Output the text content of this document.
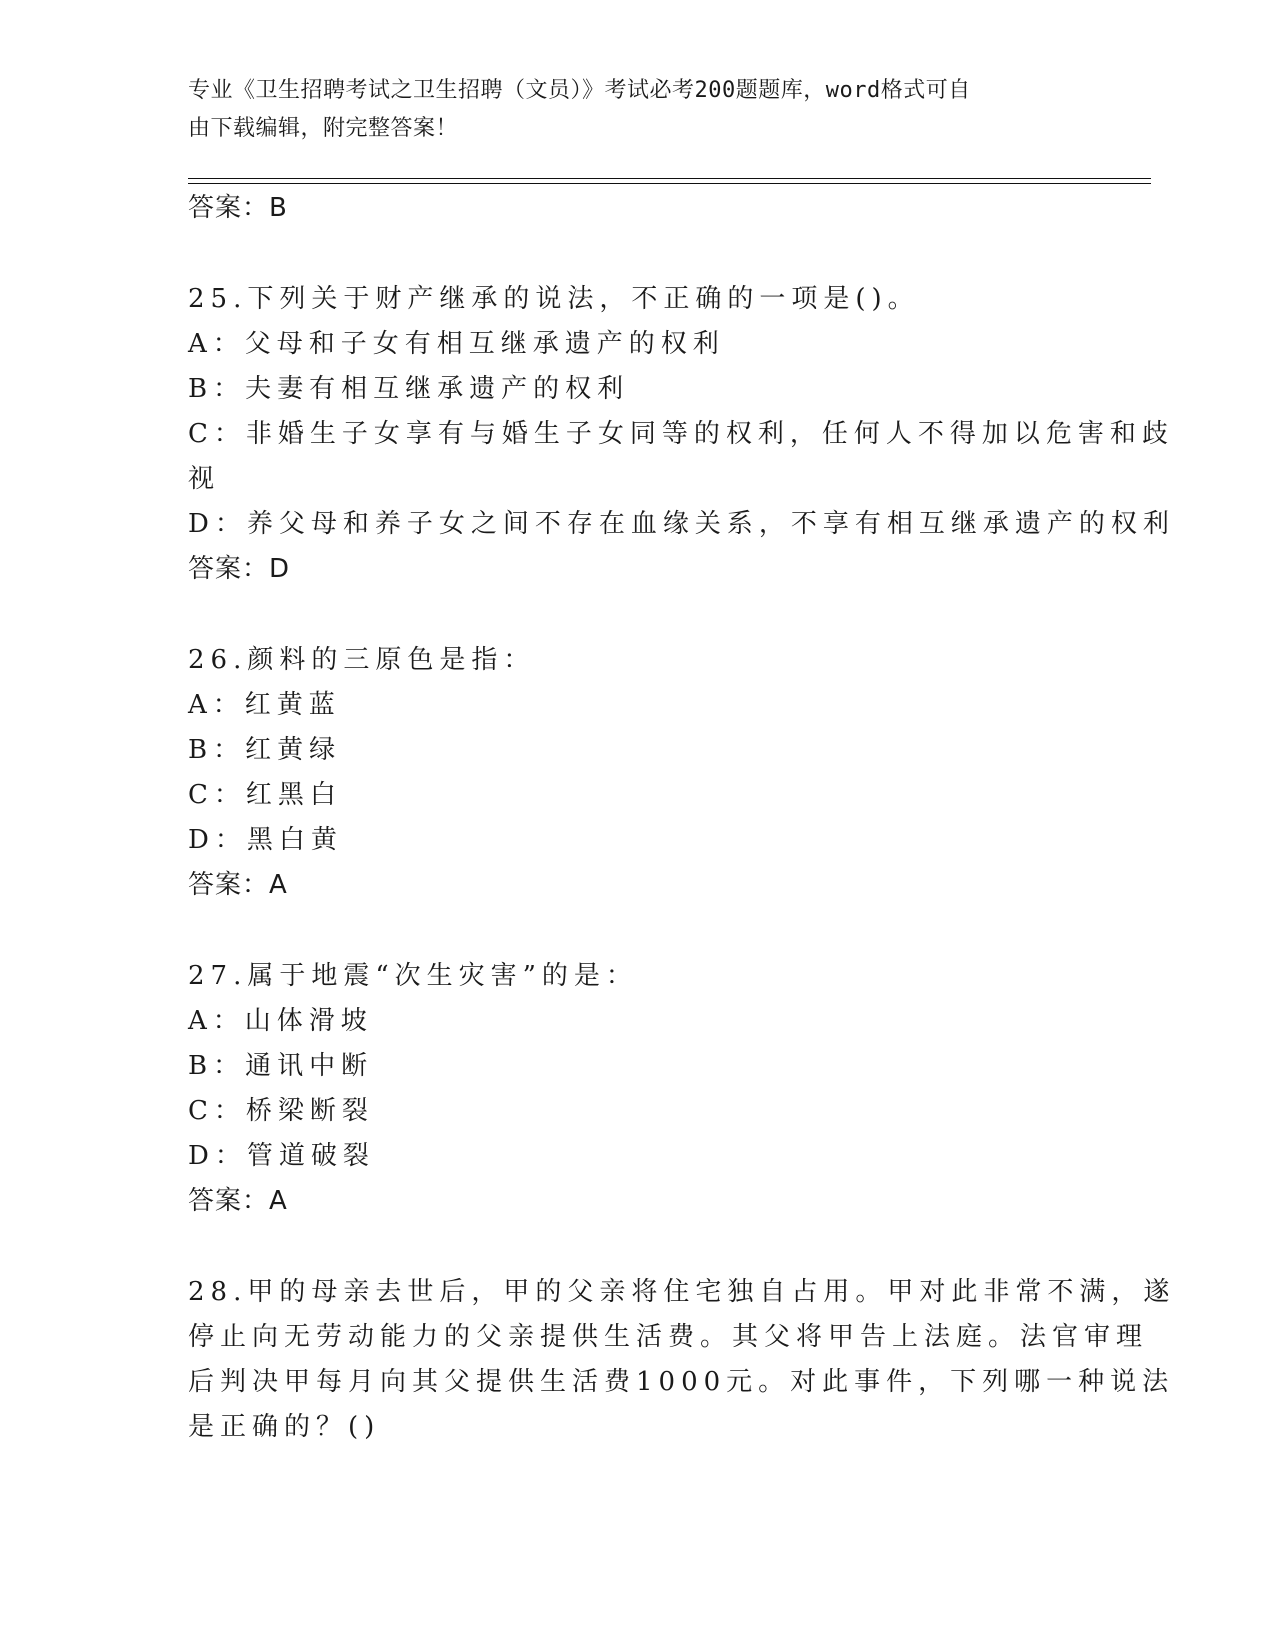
专业《卫生招聘考试之卫生招聘（文员）》考试必考200题题库，word格式可自
由下载编辑，附完整答案！
答案：B
25.下列关于财产继承的说法，不正确的一项是()。
A：父母和子女有相互继承遗产的权利
B：夫妻有相互继承遗产的权利
C：非婚生子女享有与婚生子女同等的权利，任何人不得加以危害和歧
视
D：养父母和养子女之间不存在血缘关系，不享有相互继承遗产的权利
答案：D
26.颜料的三原色是指：
A：红黄蓝
B：红黄绿
C：红黑白
D：黑白黄
答案：A
27.属于地震“次生灾害”的是：
A：山体滑坡
B：通讯中断
C：桥梁断裂
D：管道破裂
答案：A
28.甲的母亲去世后，甲的父亲将住宅独自占用。甲对此非常不满，遂
停止向无劳动能力的父亲提供生活费。其父将甲告上法庭。法官审理
后判决甲每月向其父提供生活费1000元。对此事件，下列哪一种说法
是正确的？()
